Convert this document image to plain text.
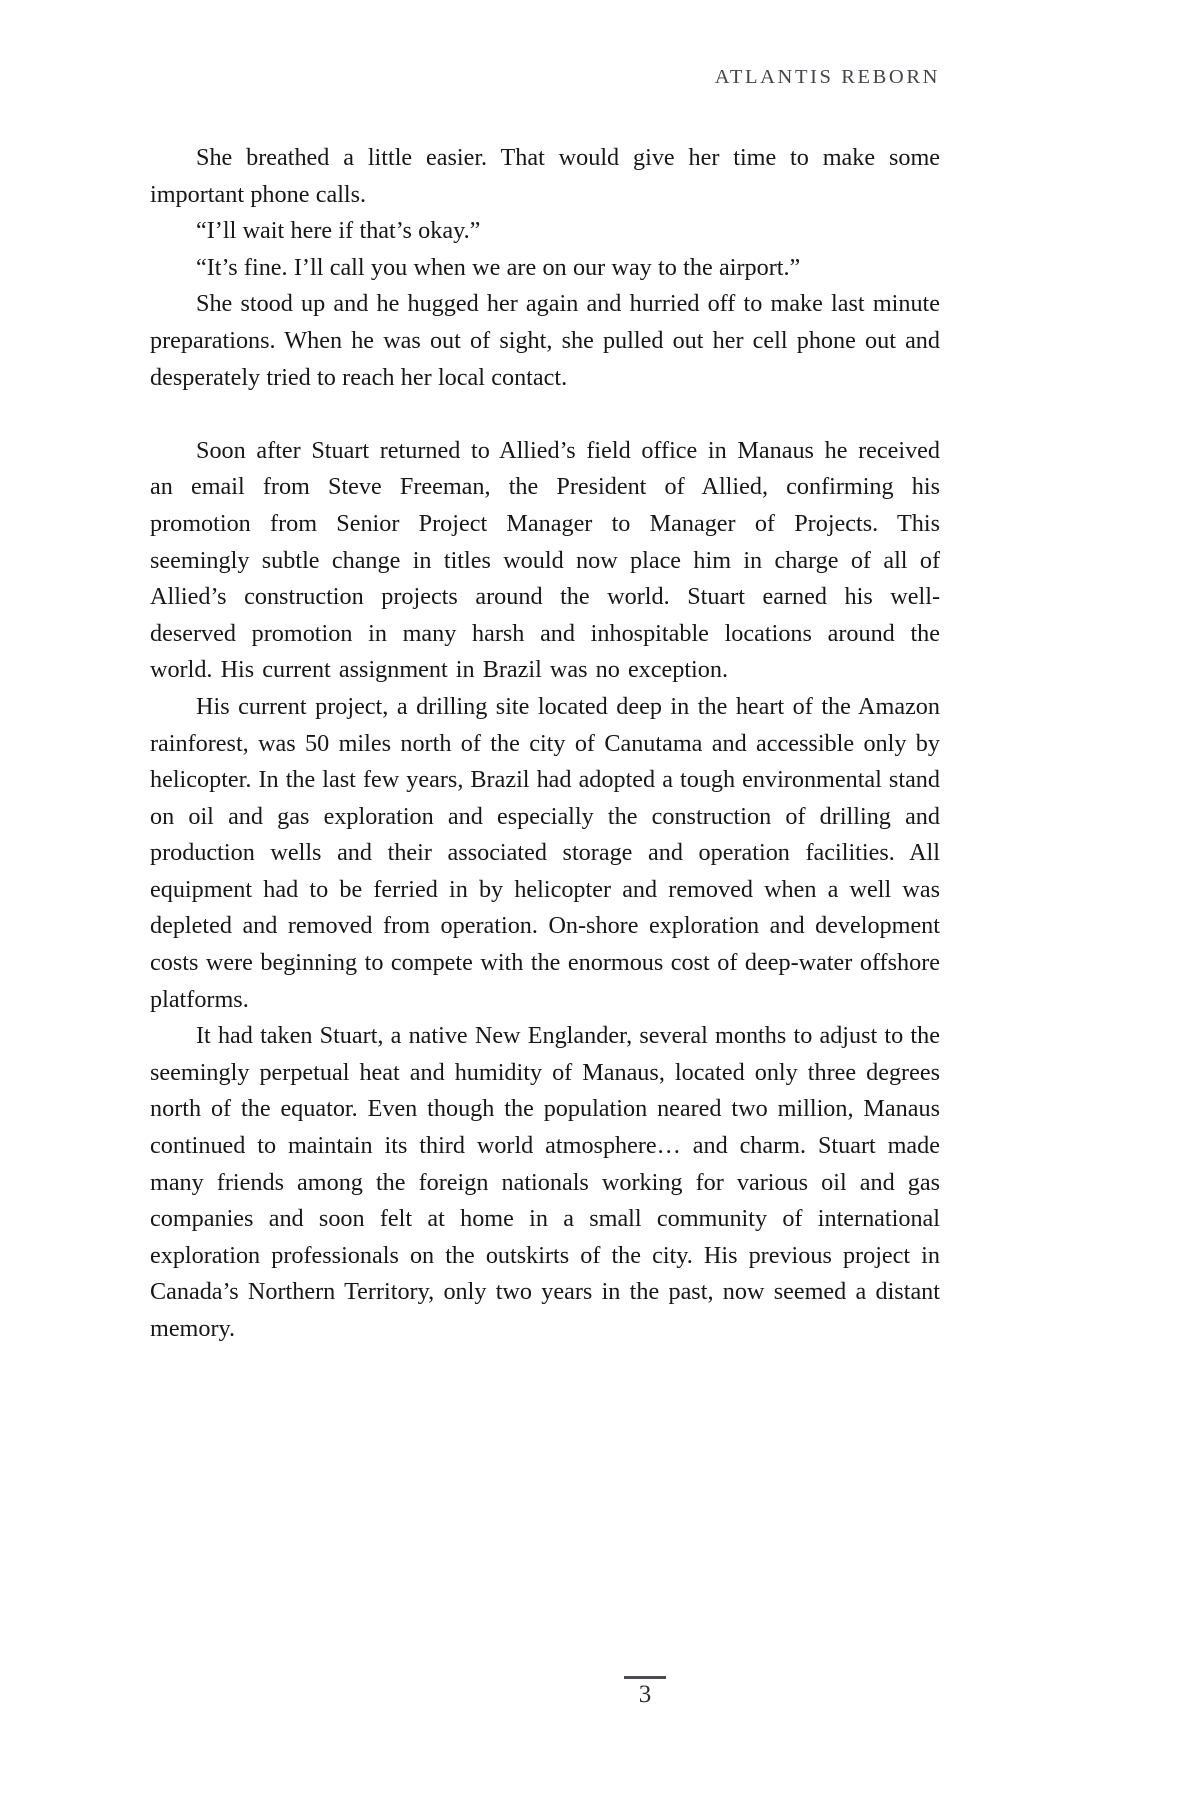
ATLANTIS REBORN

She breathed a little easier. That would give her time to make some important phone calls.

“I’ll wait here if that’s okay.”

“It’s fine. I’ll call you when we are on our way to the airport.”

She stood up and he hugged her again and hurried off to make last minute preparations. When he was out of sight, she pulled out her cell phone out and desperately tried to reach her local contact.

Soon after Stuart returned to Allied’s field office in Manaus he received an email from Steve Freeman, the President of Allied, confirming his promotion from Senior Project Manager to Manager of Projects. This seemingly subtle change in titles would now place him in charge of all of Allied’s construction projects around the world. Stuart earned his well-deserved promotion in many harsh and inhospitable locations around the world. His current assignment in Brazil was no exception.

His current project, a drilling site located deep in the heart of the Amazon rainforest, was 50 miles north of the city of Canutama and accessible only by helicopter. In the last few years, Brazil had adopted a tough environmental stand on oil and gas exploration and especially the construction of drilling and production wells and their associated storage and operation facilities. All equipment had to be ferried in by helicopter and removed when a well was depleted and removed from operation. On-shore exploration and development costs were beginning to compete with the enormous cost of deep-water offshore platforms.

It had taken Stuart, a native New Englander, several months to adjust to the seemingly perpetual heat and humidity of Manaus, located only three degrees north of the equator. Even though the population neared two million, Manaus continued to maintain its third world atmosphere… and charm. Stuart made many friends among the foreign nationals working for various oil and gas companies and soon felt at home in a small community of international exploration professionals on the outskirts of the city. His previous project in Canada’s Northern Territory, only two years in the past, now seemed a distant memory.

3
